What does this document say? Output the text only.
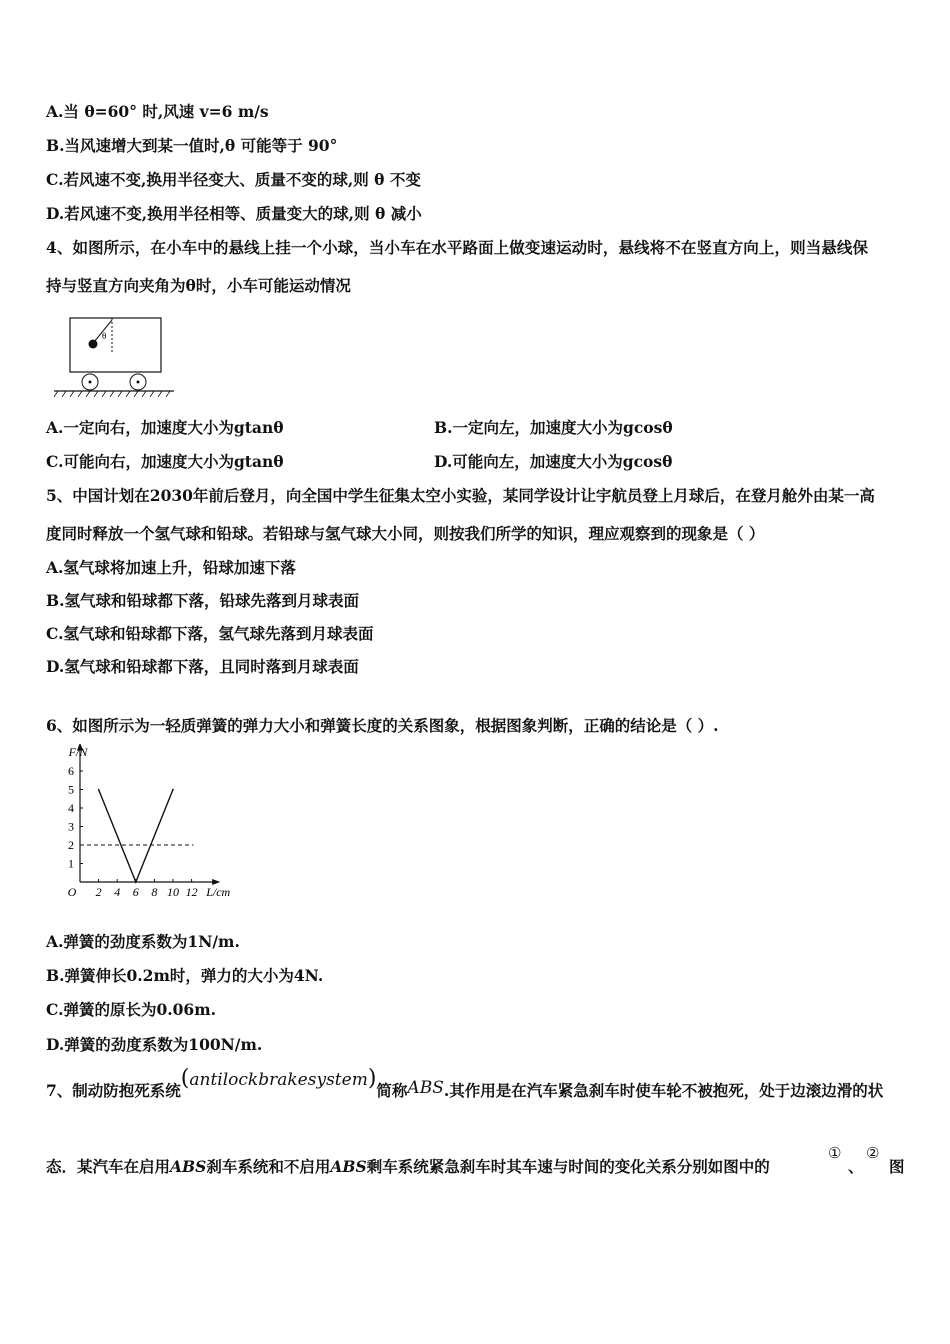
A.当 θ=60° 时,风速 v=6 m/s
B.当风速增大到某一值时,θ 可能等于 90°
C.若风速不变,换用半径变大、质量不变的球,则 θ 不变
D.若风速不变,换用半径相等、质量变大的球,则 θ 减小
4、如图所示，在小车中的悬线上挂一个小球，当小车在水平路面上做变速运动时，悬线将不在竖直方向上，则当悬线保
持与竖直方向夹角为θ时，小车可能运动情况
θ
A.一定向右，加速度大小为gtanθ	B.一定向左，加速度大小为gcosθ
C.可能向右，加速度大小为gtanθ	D.可能向左，加速度大小为gcosθ
5、中国计划在2030年前后登月，向全国中学生征集太空小实验，某同学设计让宇航员登上月球后，在登月舱外由某一高
度同时释放一个氢气球和铅球。若铅球与氢气球大小同，则按我们所学的知识，理应观察到的现象是（ ）
A.氢气球将加速上升，铅球加速下落
B.氢气球和铅球都下落，铅球先落到月球表面
C.氢气球和铅球都下落，氢气球先落到月球表面
D.氢气球和铅球都下落，且同时落到月球表面
6、如图所示为一轻质弹簧的弹力大小和弹簧长度的关系图象，根据图象判断，正确的结论是（ ）.
2 4 6 8 10 12
1
2
3
4
5
6
O	L/cm
F/N
A.弹簧的劲度系数为1N/m.
B.弹簧伸长0.2m时，弹力的大小为4N.
C.弹簧的原长为0.06m.
D.弹簧的劲度系数为100N/m.
7、制动防抱死系统(antilockbrakesystem)简称ABS.其作用是在汽车紧急刹车时使车轮不被抱死，处于边滚边滑的状
态．某汽车在启用ABS刹车系统和不启用ABS剩车系统紧急刹车时其车速与时间的变化关系分别如图中的
①
、
②
图
